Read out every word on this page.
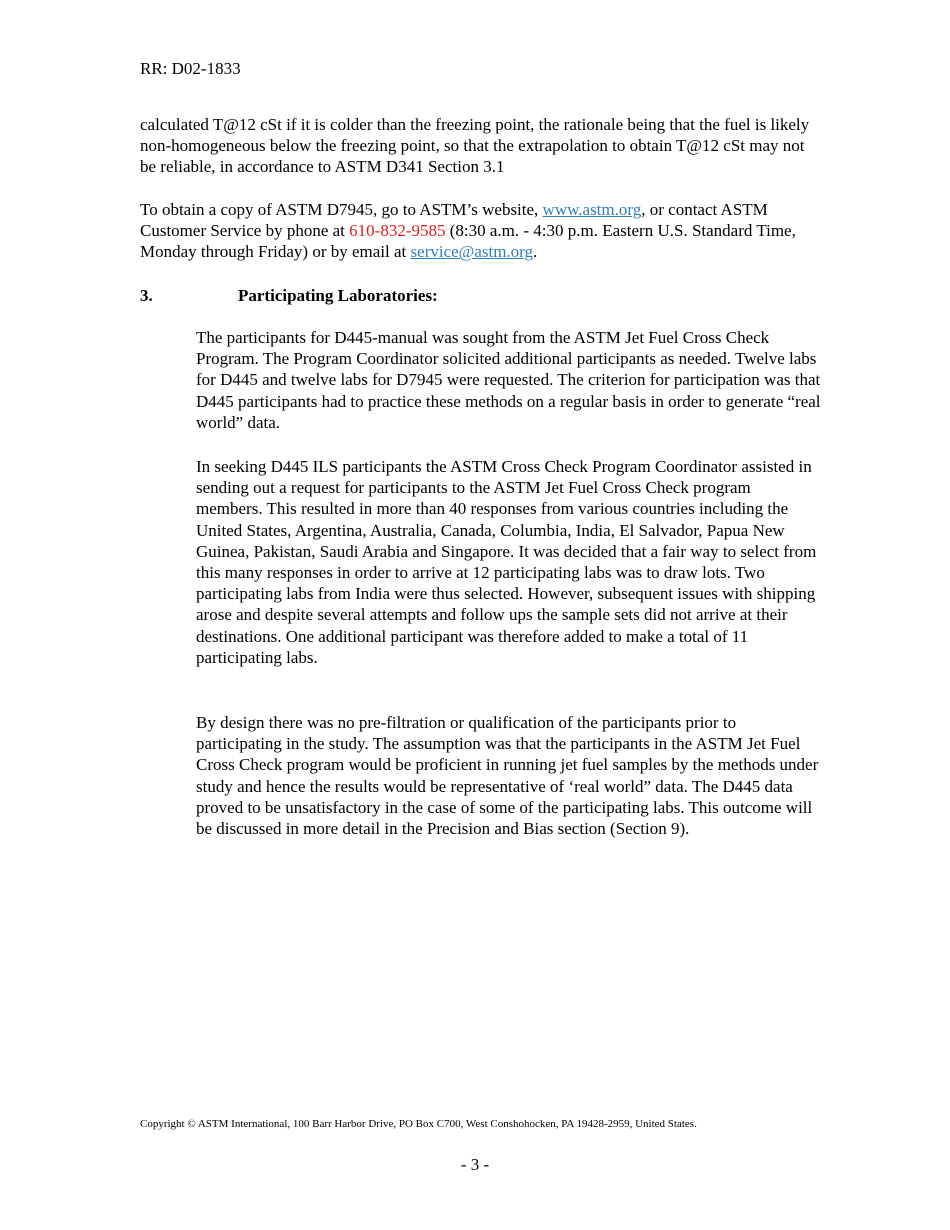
RR: D02-1833

calculated T@12 cSt if it is colder than the freezing point, the rationale being that the fuel is likely non-homogeneous below the freezing point, so that the extrapolation to obtain T@12 cSt may not be reliable, in accordance to ASTM D341 Section 3.1

To obtain a copy of ASTM D7945, go to ASTM’s website, www.astm.org, or contact ASTM Customer Service by phone at 610-832-9585 (8:30 a.m. - 4:30 p.m. Eastern U.S. Standard Time, Monday through Friday) or by email at service@astm.org.

3.	Participating Laboratories:

The participants for D445-manual was sought from the ASTM Jet Fuel Cross Check Program. The Program Coordinator solicited additional participants as needed. Twelve labs for D445 and twelve labs for D7945 were requested. The criterion for participation was that D445 participants had to practice these methods on a regular basis in order to generate “real world” data.

In seeking D445 ILS participants the ASTM Cross Check Program Coordinator assisted in sending out a request for participants to the ASTM Jet Fuel Cross Check program members. This resulted in more than 40 responses from various countries including the United States, Argentina, Australia, Canada, Columbia, India, El Salvador, Papua New Guinea, Pakistan, Saudi Arabia and Singapore. It was decided that a fair way to select from this many responses in order to arrive at 12 participating labs was to draw lots. Two participating labs from India were thus selected. However, subsequent issues with shipping arose and despite several attempts and follow ups the sample sets did not arrive at their destinations. One additional participant was therefore added to make a total of 11 participating labs.

By design there was no pre-filtration or qualification of the participants prior to participating in the study. The assumption was that the participants in the ASTM Jet Fuel Cross Check program would be proficient in running jet fuel samples by the methods under study and hence the results would be representative of ‘real world” data. The D445 data proved to be unsatisfactory in the case of some of the participating labs. This outcome will be discussed in more detail in the Precision and Bias section (Section 9).

Copyright © ASTM International, 100 Barr Harbor Drive, PO Box C700, West Conshohocken, PA 19428-2959, United States.
- 3 -
